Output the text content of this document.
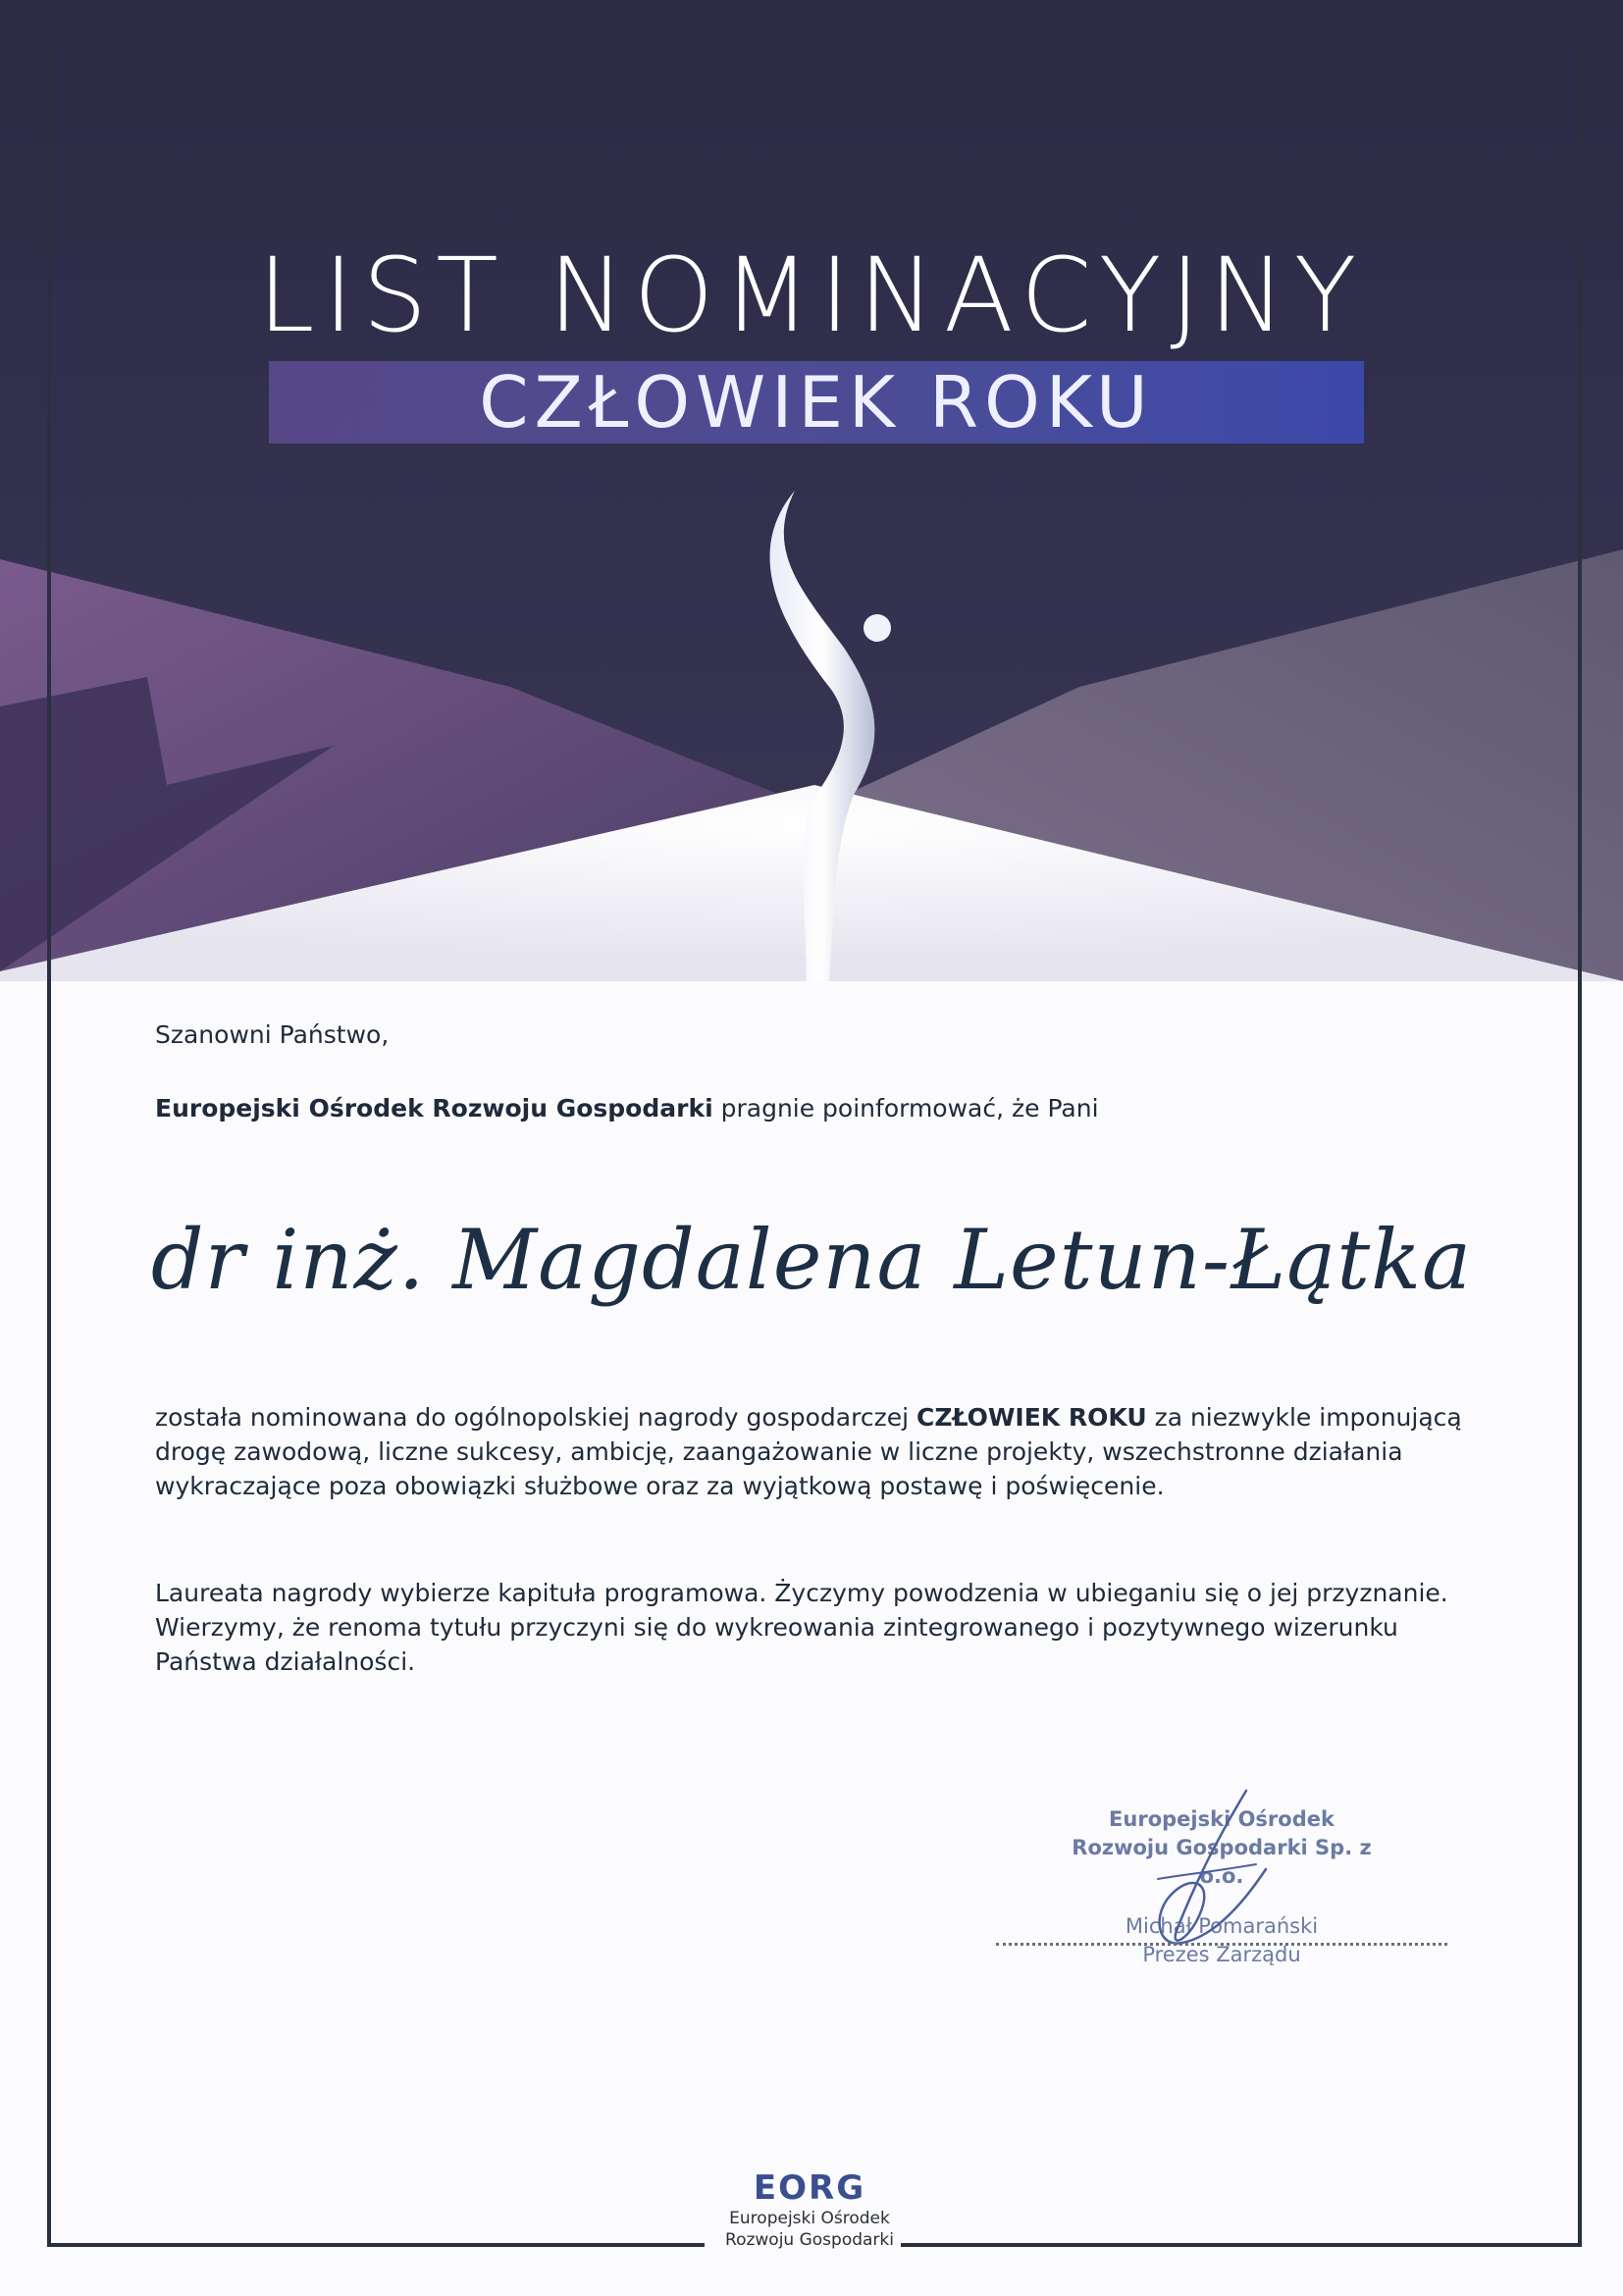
LIST NOMINACYJNY
CZŁOWIEK ROKU
Szanowni Państwo,
Europejski Ośrodek Rozwoju Gospodarki pragnie poinformować, że Pani
dr inż. Magdalena Letun-Łątka
została nominowana do ogólnopolskiej nagrody gospodarczej CZŁOWIEK ROKU za niezwykle imponującą drogę zawodową, liczne sukcesy, ambicję, zaangażowanie w liczne projekty, wszechstronne działania wykraczające poza obowiązki służbowe oraz za wyjątkową postawę i poświęcenie.
Laureata nagrody wybierze kapituła programowa. Życzymy powodzenia w ubieganiu się o jej przyznanie. Wierzymy, że renoma tytułu przyczyni się do wykreowania zintegrowanego i pozytywnego wizerunku Państwa działalności.
Europejski Ośrodek
Rozwoju Gospodarki Sp. z o.o.
Michał Pomarański
Prezes Zarządu
EORG
Europejski Ośrodek
Rozwoju Gospodarki
